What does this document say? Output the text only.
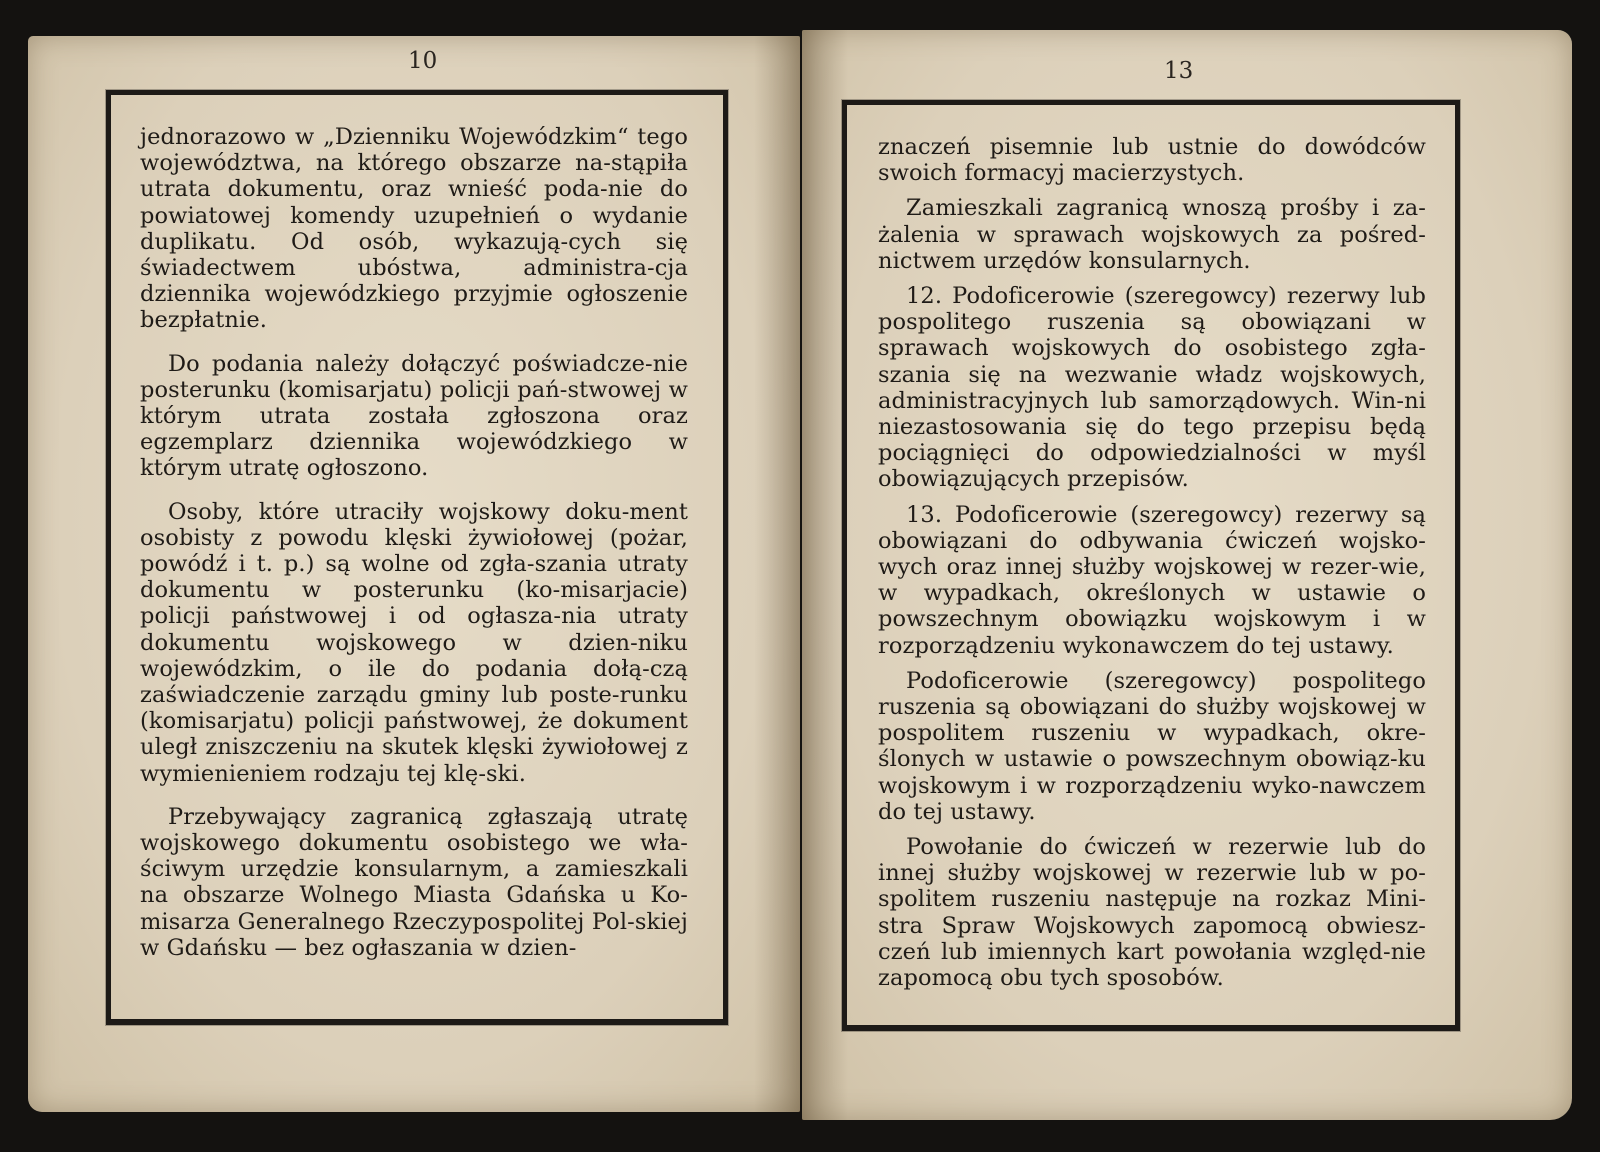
10

jednorazowo w „Dzienniku Wojewódzkim“ tego województwa, na którego obszarze na‐stąpiła utrata dokumentu, oraz wnieść poda‐nie do powiatowej komendy uzupełnień o wydanie duplikatu. Od osób, wykazują‐cych się świadectwem ubóstwa, administra‐cja dziennika wojewódzkiego przyjmie ogłoszenie bezpłatnie.

Do podania należy dołączyć poświadcze‐nie posterunku (komisarjatu) policji pań‐stwowej w którym utrata została zgłoszona oraz egzemplarz dziennika wojewódzkiego w którym utratę ogłoszono.

Osoby, które utraciły wojskowy doku‐ment osobisty z powodu klęski żywiołowej (pożar, powódź i t. p.) są wolne od zgła‐szania utraty dokumentu w posterunku (ko‐misarjacie) policji państwowej i od ogłasza‐nia utraty dokumentu wojskowego w dzien‐niku wojewódzkim, o ile do podania dołą‐czą zaświadczenie zarządu gminy lub poste‐runku (komisarjatu) policji państwowej, że dokument uległ zniszczeniu na skutek klęski żywiołowej z wymienieniem rodzaju tej klę‐ski.

Przebywający zagranicą zgłaszają utratę wojskowego dokumentu osobistego we wła‐ściwym urzędzie konsularnym, a zamieszkali na obszarze Wolnego Miasta Gdańska u Ko‐misarza Generalnego Rzeczypospolitej Pol‐skiej w Gdańsku — bez ogłaszania w dzien‐

13

znaczeń pisemnie lub ustnie do dowódców swoich formacyj macierzystych.

Zamieszkali zagranicą wnoszą prośby i za‐żalenia w sprawach wojskowych za pośred‐nictwem urzędów konsularnych.

12. Podoficerowie (szeregowcy) rezerwy lub pospolitego ruszenia są obowiązani w sprawach wojskowych do osobistego zgła‐szania się na wezwanie władz wojskowych, administracyjnych lub samorządowych. Win‐ni niezastosowania się do tego przepisu będą pociągnięci do odpowiedzialności w myśl obowiązujących przepisów.

13. Podoficerowie (szeregowcy) rezerwy są obowiązani do odbywania ćwiczeń wojsko‐wych oraz innej służby wojskowej w rezer‐wie, w wypadkach, określonych w ustawie o powszechnym obowiązku wojskowym i w rozporządzeniu wykonawczem do tej ustawy.

Podoficerowie (szeregowcy) pospolitego ruszenia są obowiązani do służby wojskowej w pospolitem ruszeniu w wypadkach, okre‐ślonych w ustawie o powszechnym obowiąz‐ku wojskowym i w rozporządzeniu wyko‐nawczem do tej ustawy.

Powołanie do ćwiczeń w rezerwie lub do innej służby wojskowej w rezerwie lub w po‐spolitem ruszeniu następuje na rozkaz Mini‐stra Spraw Wojskowych zapomocą obwiesz‐czeń lub imiennych kart powołania względ‐nie zapomocą obu tych sposobów.
